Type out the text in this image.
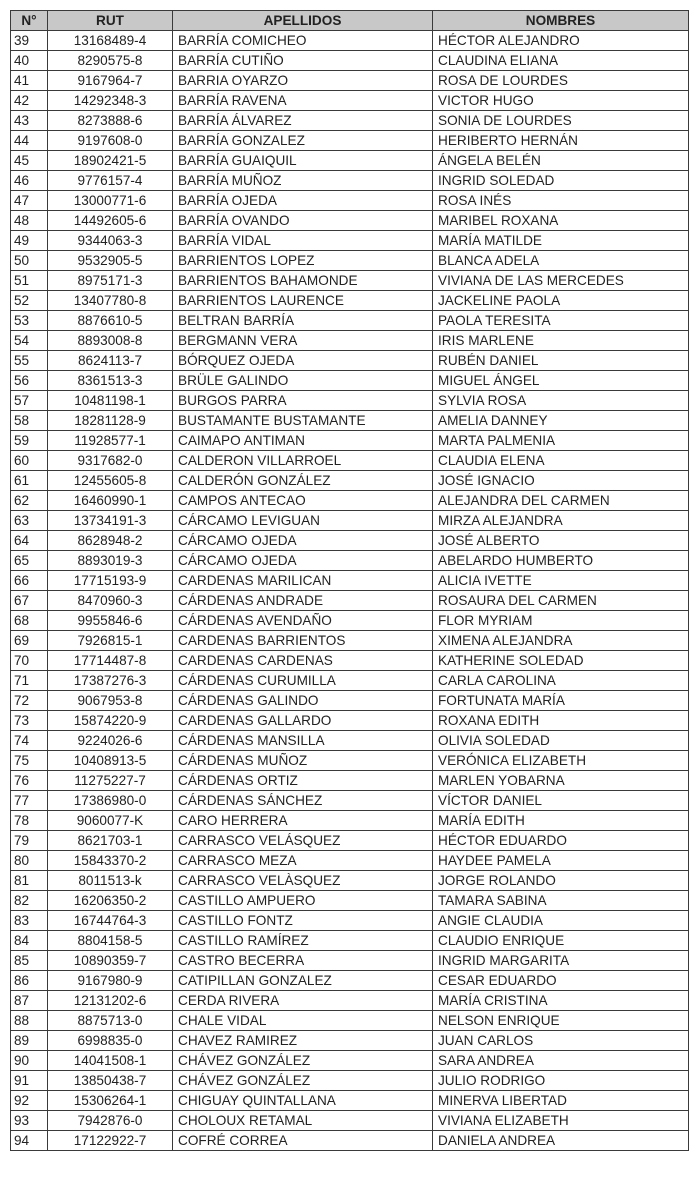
N°	RUT	APELLIDOS	NOMBRES
39	13168489-4	BARRÍA COMICHEO	HÉCTOR ALEJANDRO
40	8290575-8	BARRÍA CUTIÑO	CLAUDINA ELIANA
41	9167964-7	BARRIA OYARZO	ROSA DE LOURDES
42	14292348-3	BARRÍA RAVENA	VICTOR HUGO
43	8273888-6	BARRÍA ÁLVAREZ	SONIA DE LOURDES
44	9197608-0	BARRÍA GONZALEZ	HERIBERTO HERNÁN
45	18902421-5	BARRÍA GUAIQUIL	ÁNGELA BELÉN
46	9776157-4	BARRÍA MUÑOZ	INGRID SOLEDAD
47	13000771-6	BARRÍA OJEDA	ROSA INÉS
48	14492605-6	BARRÍA OVANDO	MARIBEL ROXANA
49	9344063-3	BARRÍA VIDAL	MARÍA MATILDE
50	9532905-5	BARRIENTOS LOPEZ	BLANCA ADELA
51	8975171-3	BARRIENTOS BAHAMONDE	VIVIANA DE LAS MERCEDES
52	13407780-8	BARRIENTOS LAURENCE	JACKELINE PAOLA
53	8876610-5	BELTRAN BARRÍA	PAOLA TERESITA
54	8893008-8	BERGMANN VERA	IRIS MARLENE
55	8624113-7	BÓRQUEZ OJEDA	RUBÉN DANIEL
56	8361513-3	BRÜLE GALINDO	MIGUEL ÁNGEL
57	10481198-1	BURGOS PARRA	SYLVIA ROSA
58	18281128-9	BUSTAMANTE BUSTAMANTE	AMELIA DANNEY
59	11928577-1	CAIMAPO ANTIMAN	MARTA PALMENIA
60	9317682-0	CALDERON VILLARROEL	CLAUDIA ELENA
61	12455605-8	CALDERÓN GONZÁLEZ	JOSÉ IGNACIO
62	16460990-1	CAMPOS ANTECAO	ALEJANDRA DEL CARMEN
63	13734191-3	CÁRCAMO LEVIGUAN	MIRZA ALEJANDRA
64	8628948-2	CÁRCAMO OJEDA	JOSÉ ALBERTO
65	8893019-3	CÁRCAMO OJEDA	ABELARDO HUMBERTO
66	17715193-9	CARDENAS MARILICAN	ALICIA IVETTE
67	8470960-3	CÁRDENAS ANDRADE	ROSAURA DEL CARMEN
68	9955846-6	CÁRDENAS AVENDAÑO	FLOR MYRIAM
69	7926815-1	CARDENAS BARRIENTOS	XIMENA ALEJANDRA
70	17714487-8	CARDENAS CARDENAS	KATHERINE SOLEDAD
71	17387276-3	CÁRDENAS CURUMILLA	CARLA CAROLINA
72	9067953-8	CÁRDENAS GALINDO	FORTUNATA MARÍA
73	15874220-9	CARDENAS GALLARDO	ROXANA EDITH
74	9224026-6	CÁRDENAS MANSILLA	OLIVIA SOLEDAD
75	10408913-5	CÁRDENAS MUÑOZ	VERÓNICA ELIZABETH
76	11275227-7	CÁRDENAS ORTIZ	MARLEN YOBARNA
77	17386980-0	CÁRDENAS SÁNCHEZ	VÍCTOR DANIEL
78	9060077-K	CARO HERRERA	MARÍA EDITH
79	8621703-1	CARRASCO VELÁSQUEZ	HÉCTOR EDUARDO
80	15843370-2	CARRASCO MEZA	HAYDEE PAMELA
81	8011513-k	CARRASCO VELÀSQUEZ	JORGE ROLANDO
82	16206350-2	CASTILLO AMPUERO	TAMARA SABINA
83	16744764-3	CASTILLO FONTZ	ANGIE CLAUDIA
84	8804158-5	CASTILLO RAMÍREZ	CLAUDIO ENRIQUE
85	10890359-7	CASTRO BECERRA	INGRID MARGARITA
86	9167980-9	CATIPILLAN GONZALEZ	CESAR EDUARDO
87	12131202-6	CERDA RIVERA	MARÍA CRISTINA
88	8875713-0	CHALE VIDAL	NELSON ENRIQUE
89	6998835-0	CHAVEZ RAMIREZ	JUAN CARLOS
90	14041508-1	CHÁVEZ GONZÁLEZ	SARA ANDREA
91	13850438-7	CHÁVEZ GONZÁLEZ	JULIO RODRIGO
92	15306264-1	CHIGUAY QUINTALLANA	MINERVA LIBERTAD
93	7942876-0	CHOLOUX RETAMAL	VIVIANA ELIZABETH
94	17122922-7	COFRÉ CORREA	DANIELA ANDREA
